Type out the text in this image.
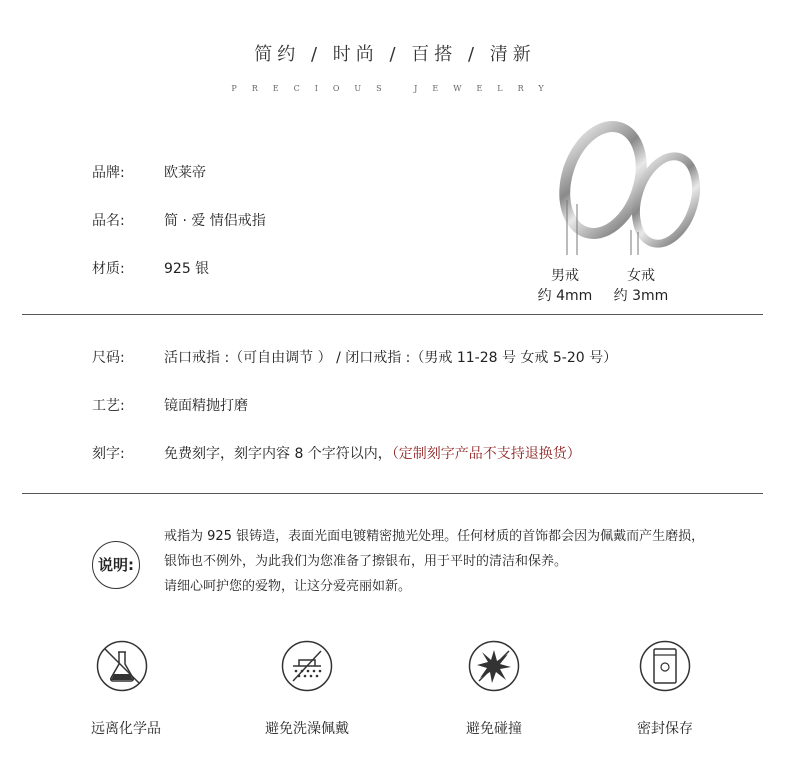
简约 / 时尚 / 百搭 / 清新
PRECIOUS JEWELRY
品牌:	欧莱帝
品名:	简 · 爱 情侣戒指
材质:	925 银	男戒
约 4mm
女戒
约 3mm
尺码:	活口戒指 :（可自由调节 ） / 闭口戒指 :（男戒 11-28 号 女戒 5-20 号）
工艺:	镜面精抛打磨
刻字:	免费刻字，刻字内容 8 个字符以内，（定制刻字产品不支持退换货）
说明:
戒指为 925 银铸造，表面光面电镀精密抛光处理。任何材质的首饰都会因为佩戴而产生磨损，
银饰也不例外，为此我们为您准备了擦银布，用于平时的清洁和保养。
请细心呵护您的爱物，让这分爱亮丽如新。
远离化学品	避免洗澡佩戴	避免碰撞	密封保存
